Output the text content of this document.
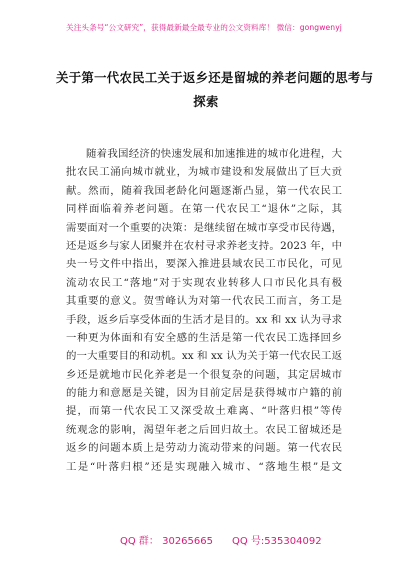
关注头条号“公文研究”，获得最新最全最专业的公文资料库！ 微信：gongwenyj
关于第一代农民工关于返乡还是留城的养老问题的思考与
探索
随着我国经济的快速发展和加速推进的城市化进程，大
批农民工涌向城市就业，为城市建设和发展做出了巨大贡
献。然而，随着我国老龄化问题逐渐凸显，第一代农民工
同样面临着养老问题。在第一代农民工“退休”之际，其
需要面对一个重要的决策：是继续留在城市享受市民待遇，
还是返乡与家人团聚并在农村寻求养老支持。2023 年，中
央一号文件中指出，要深入推进县域农民工市民化，可见
流动农民工“落地”对于实现农业转移人口市民化具有极
其重要的意义。贺雪峰认为对第一代农民工而言，务工是
手段，返乡后享受体面的生活才是目的。xx 和 xx 认为寻求
一种更为体面和有安全感的生活是第一代农民工选择回乡
的一大重要目的和动机。xx 和 xx 认为关于第一代农民工返
乡还是就地市民化养老是一个很复杂的问题，其定居城市
的能力和意愿是关键，因为目前定居是获得城市户籍的前
提，而第一代农民工又深受故土难离、“叶落归根”等传
统观念的影响，渴望年老之后回归故土。农民工留城还是
返乡的问题本质上是劳动力流动带来的问题。第一代农民
工是“叶落归根”还是实现融入城市、“落地生根”是文
QQ 群： 30265665 QQ 号:535304092
